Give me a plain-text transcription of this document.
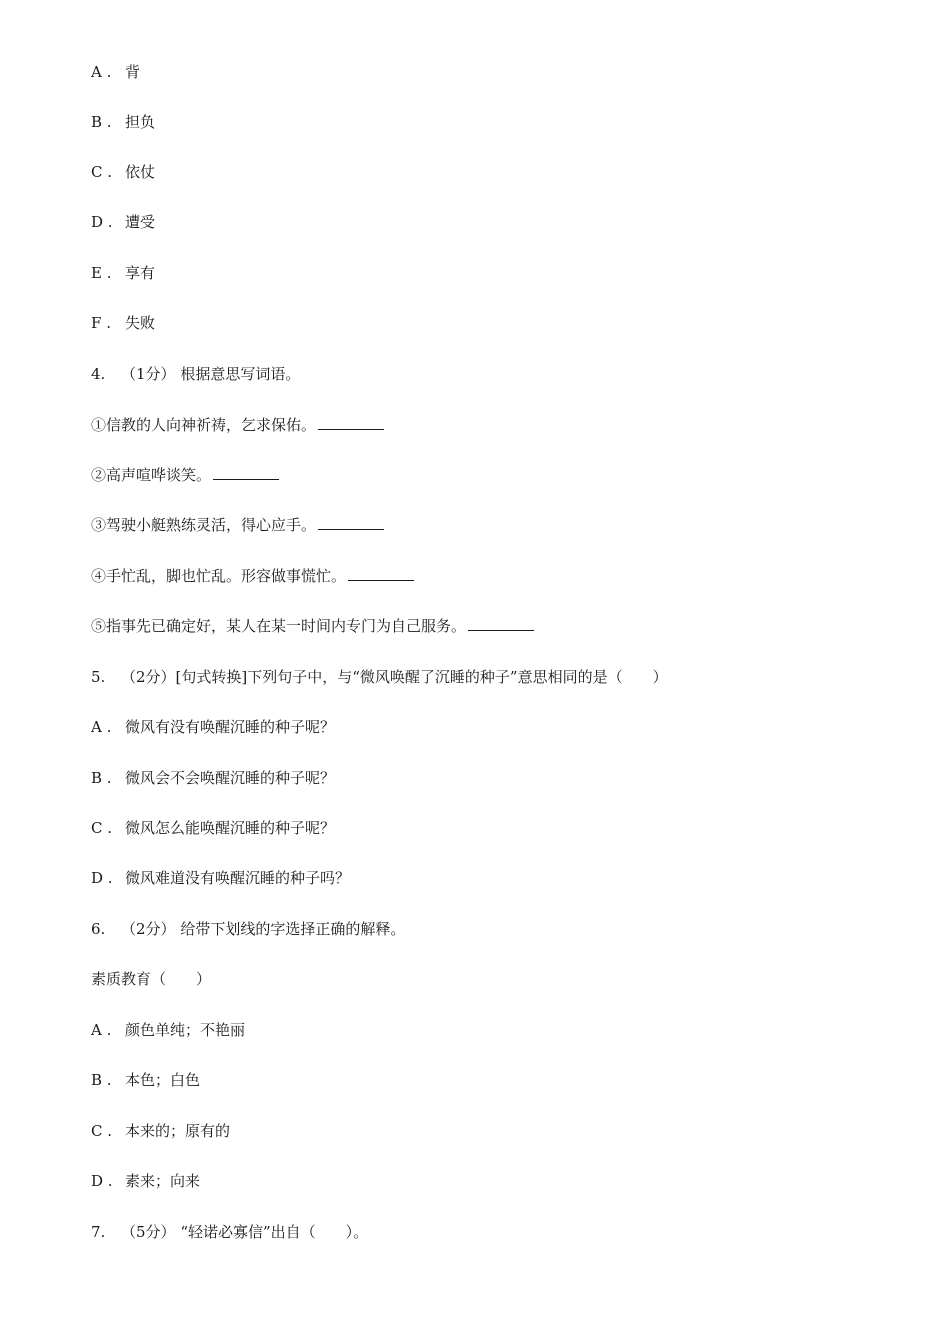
A . 背
B . 担负
C . 依仗
D . 遭受
E . 享有
F . 失败
4. （1分） 根据意思写词语。
①信教的人向神祈祷，乞求保佑。
②高声喧哗谈笑。
③驾驶小艇熟练灵活，得心应手。
④手忙乱，脚也忙乱。形容做事慌忙。
⑤指事先已确定好，某人在某一时间内专门为自己服务。
5. （2分）[句式转换]下列句子中，与“微风唤醒了沉睡的种子”意思相同的是（　　）
A . 微风有没有唤醒沉睡的种子呢？
B . 微风会不会唤醒沉睡的种子呢？
C . 微风怎么能唤醒沉睡的种子呢？
D . 微风难道没有唤醒沉睡的种子吗？
6. （2分） 给带下划线的字选择正确的解释。
素质教育（　　）
A . 颜色单纯；不艳丽
B . 本色；白色
C . 本来的；原有的
D . 素来；向来
7. （5分） “轻诺必寡信”出自（　　）。
